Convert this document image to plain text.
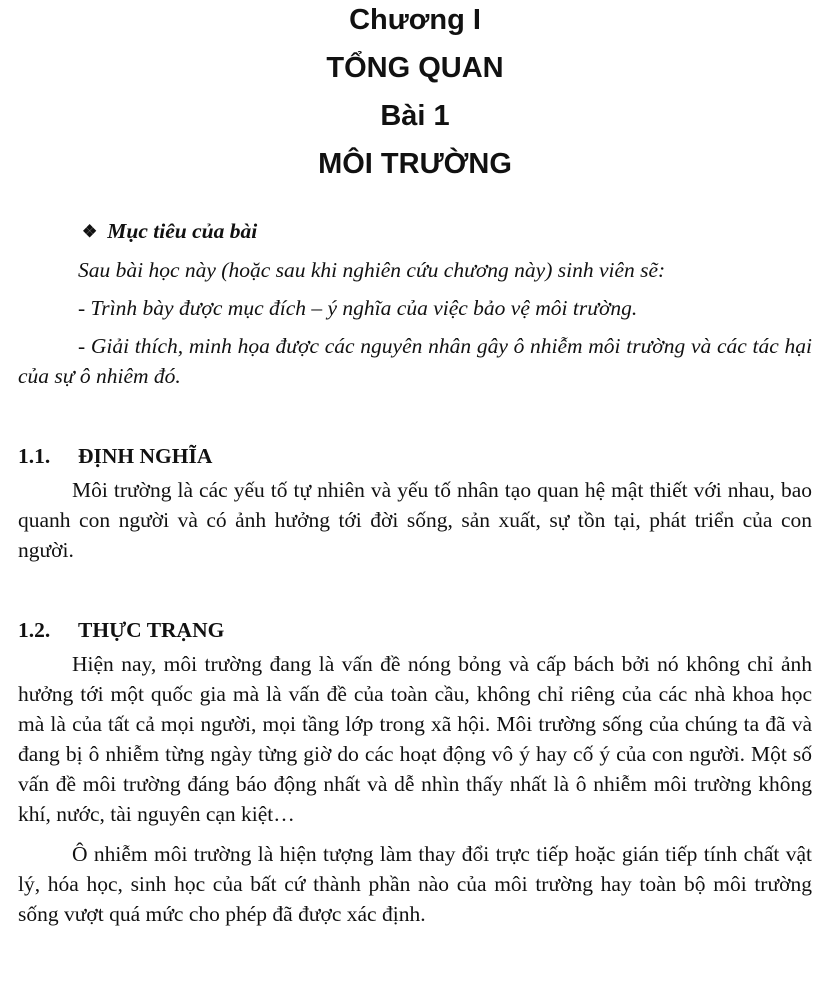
Chương I
TỔNG QUAN
Bài 1
MÔI TRƯỜNG
❖ Mục tiêu của bài
Sau bài học này (hoặc sau khi nghiên cứu chương này) sinh viên sẽ:
- Trình bày được mục đích – ý nghĩa của việc bảo vệ môi trường.

- Giải thích, minh họa được các nguyên nhân gây ô nhiễm môi trường và các tác hại của sự ô nhiêm đó.

1.1. ĐỊNH NGHĨA

Môi trường là các yếu tố tự nhiên và yếu tố nhân tạo quan hệ mật thiết với nhau, bao quanh con người và có ảnh hưởng tới đời sống, sản xuất, sự tồn tại, phát triển của con người.

1.2. THỰC TRẠNG

Hiện nay, môi trường đang là vấn đề nóng bỏng và cấp bách bởi nó không chỉ ảnh hưởng tới một quốc gia mà là vấn đề của toàn cầu, không chỉ riêng của các nhà khoa học mà là của tất cả mọi người, mọi tầng lớp trong xã hội. Môi trường sống của chúng ta đã và đang bị ô nhiễm từng ngày từng giờ do các hoạt động vô ý hay cố ý của con người. Một số vấn đề môi trường đáng báo động nhất và dễ nhìn thấy nhất là ô nhiễm môi trường không khí, nước, tài nguyên cạn kiệt…

Ô nhiễm môi trường là hiện tượng làm thay đổi trực tiếp hoặc gián tiếp tính chất vật lý, hóa học, sinh học của bất cứ thành phần nào của môi trường hay toàn bộ môi trường sống vượt quá mức cho phép đã được xác định.
